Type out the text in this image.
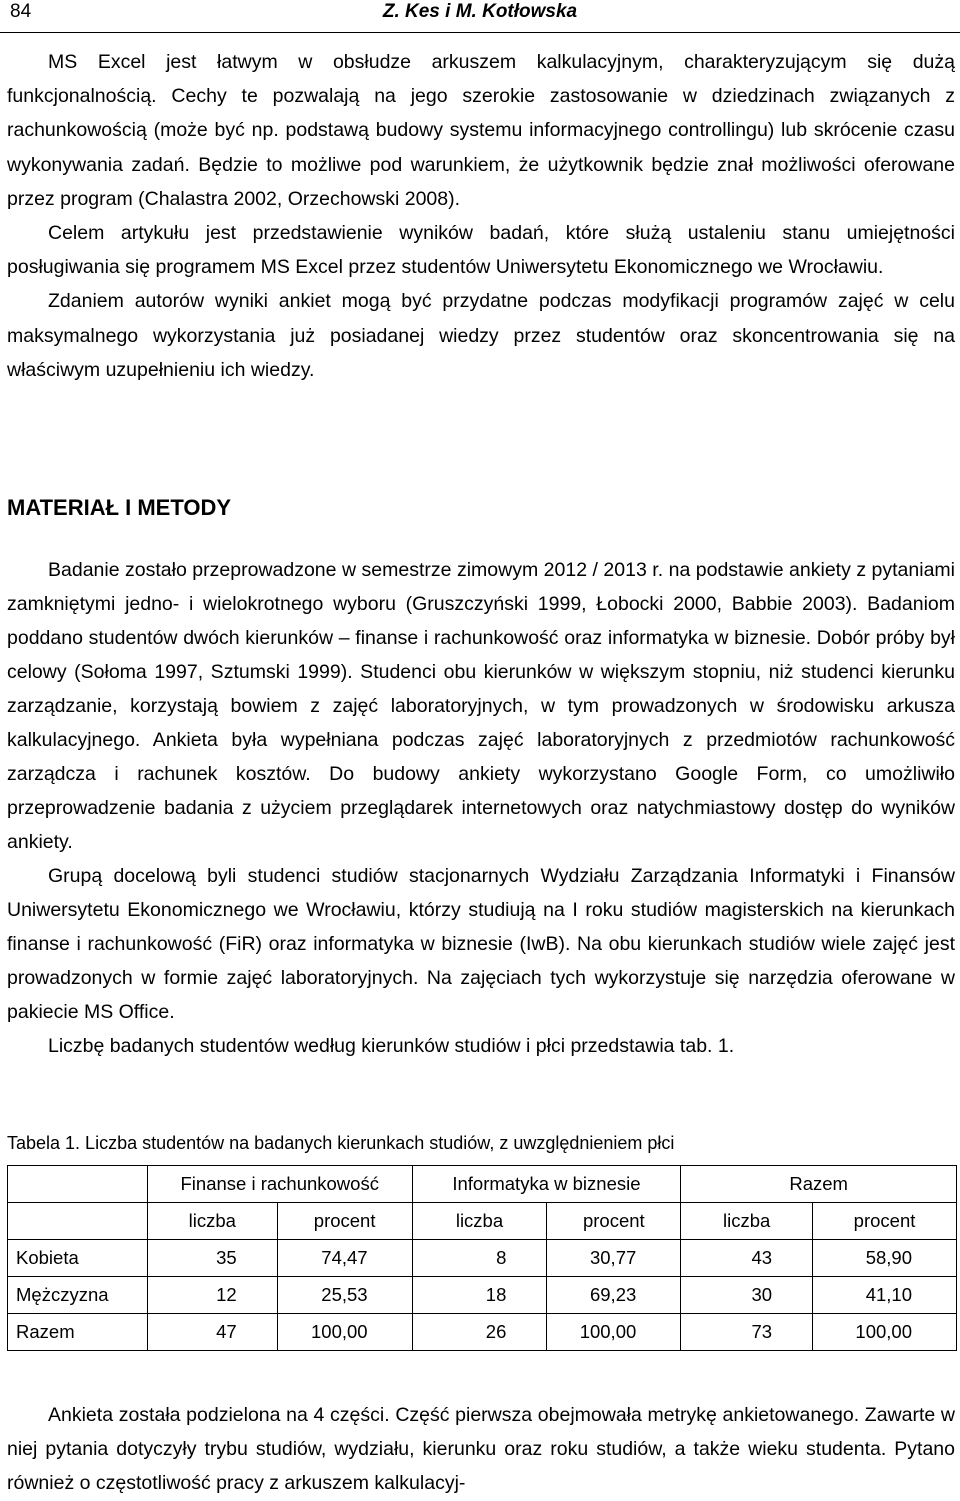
84	Z. Kes i M. Kotłowska

MS Excel jest łatwym w obsłudze arkuszem kalkulacyjnym, charakteryzującym się dużą funkcjonalnością. Cechy te pozwalają na jego szerokie zastosowanie w dziedzinach związanych z rachunkowością (może być np. podstawą budowy systemu informacyjnego controllingu) lub skrócenie czasu wykonywania zadań. Będzie to możliwe pod warunkiem, że użytkownik będzie znał możliwości oferowane przez program (Chalastra 2002, Orzechowski 2008).

Celem artykułu jest przedstawienie wyników badań, które służą ustaleniu stanu umiejętności posługiwania się programem MS Excel przez studentów Uniwersytetu Ekonomicznego we Wrocławiu.

Zdaniem autorów wyniki ankiet mogą być przydatne podczas modyfikacji programów zajęć w celu maksymalnego wykorzystania już posiadanej wiedzy przez studentów oraz skoncentrowania się na właściwym uzupełnieniu ich wiedzy.

MATERIAŁ I METODY

Badanie zostało przeprowadzone w semestrze zimowym 2012 / 2013 r. na podstawie ankiety z pytaniami zamkniętymi jedno- i wielokrotnego wyboru (Gruszczyński 1999, Łobocki 2000, Babbie 2003). Badaniom poddano studentów dwóch kierunków – finanse i rachunkowość oraz informatyka w biznesie. Dobór próby był celowy (Sołoma 1997, Sztumski 1999). Studenci obu kierunków w większym stopniu, niż studenci kierunku zarządzanie, korzystają bowiem z zajęć laboratoryjnych, w tym prowadzonych w środowisku arkusza kalkulacyjnego. Ankieta była wypełniana podczas zajęć laboratoryjnych z przedmiotów rachunkowość zarządcza i rachunek kosztów. Do budowy ankiety wykorzystano Google Form, co umożliwiło przeprowadzenie badania z użyciem przeglądarek internetowych oraz natychmiastowy dostęp do wyników ankiety.

Grupą docelową byli studenci studiów stacjonarnych Wydziału Zarządzania Informatyki i Finansów Uniwersytetu Ekonomicznego we Wrocławiu, którzy studiują na I roku studiów magisterskich na kierunkach finanse i rachunkowość (FiR) oraz informatyka w biznesie (IwB). Na obu kierunkach studiów wiele zajęć jest prowadzonych w formie zajęć laboratoryjnych. Na zajęciach tych wykorzystuje się narzędzia oferowane w pakiecie MS Office.

Liczbę badanych studentów według kierunków studiów i płci przedstawia tab. 1.

Tabela 1. Liczba studentów na badanych kierunkach studiów, z uwzględnieniem płci

	Finanse i rachunkowość		Informatyka w biznesie		Razem	
	liczba	procent	liczba	procent	liczba	procent
Kobieta	35	74,47	8	30,77	43	58,90
Mężczyzna	12	25,53	18	69,23	30	41,10
Razem	47	100,00	26	100,00	73	100,00

Ankieta została podzielona na 4 części. Część pierwsza obejmowała metrykę ankietowanego. Zawarte w niej pytania dotyczyły trybu studiów, wydziału, kierunku oraz roku studiów, a także wieku studenta. Pytano również o częstotliwość pracy z arkuszem kalkulacyj-
